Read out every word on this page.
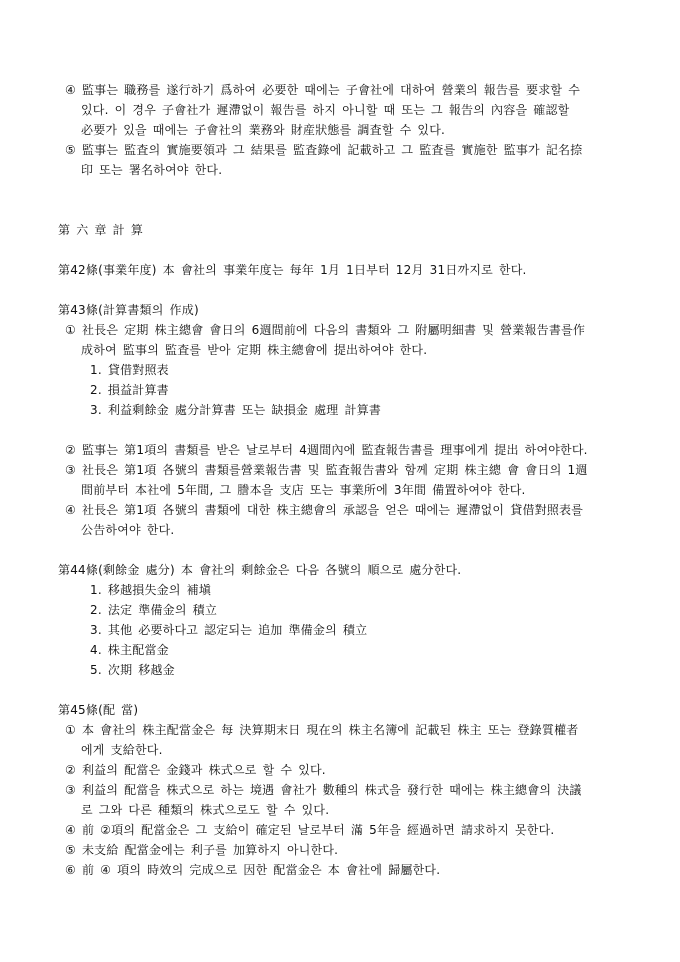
④ 監事는 職務를 遂行하기 爲하여 必要한 때에는 子會社에 대하여 營業의 報告를 要求할 수
있다. 이 경우 子會社가 遲滯없이 報告를 하지 아니할 때 또는 그 報告의 內容을 確認할
必要가 있을 때에는 子會社의 業務와 財産狀態를 調査할 수 있다.
⑤ 監事는 監査의 實施要領과 그 結果를 監査錄에 記載하고 그 監査를 實施한 監事가 記名捺
印 또는 署名하여야 한다.
第 六 章 計 算
第42條(事業年度) 本 會社의 事業年度는 每年 1月 1日부터 12月 31日까지로 한다.
第43條(計算書類의 作成)
① 社長은 定期 株主總會 會日의 6週間前에 다음의 書類와 그 附屬明細書 및 營業報告書를作
成하여 監事의 監査를 받아 定期 株主總會에 提出하여야 한다.
1. 貸借對照表
2. 損益計算書
3. 利益剩餘金 處分計算書 또는 缺損金 處理 計算書
② 監事는 第1項의 書類를 받은 날로부터 4週間內에 監査報告書를 理事에게 提出 하여야한다.
③ 社長은 第1項 各號의 書類를營業報告書 및 監査報告書와 함께 定期 株主總 會 會日의 1週
間前부터 本社에 5年間, 그 謄本을 支店 또는 事業所에 3年間 備置하여야 한다.
④ 社長은 第1項 各號의 書類에 대한 株主總會의 承認을 얻은 때에는 遲滯없이 貸借對照表를
公告하여야 한다.
第44條(剩餘金 處分) 本 會社의 剩餘金은 다음 各號의 順으로 處分한다.
1. 移越損失金의 補塡
2. 法定 準備金의 積立
3. 其他 必要하다고 認定되는 追加 準備金의 積立
4. 株主配當金
5. 次期 移越金
第45條(配 當)
① 本 會社의 株主配當金은 每 決算期末日 現在의 株主名簿에 記載된 株主 또는 登錄質權者
에게 支給한다.
② 利益의 配當은 金錢과 株式으로 할 수 있다.
③ 利益의 配當을 株式으로 하는 境遇 會社가 數種의 株式을 發行한 때에는 株主總會의 決議
로 그와 다른 種類의 株式으로도 할 수 있다.
④ 前 ②項의 配當金은 그 支給이 確定된 날로부터 滿 5年을 經過하면 請求하지 못한다.
⑤ 未支給 配當金에는 利子를 加算하지 아니한다.
⑥ 前 ④ 項의 時效의 完成으로 因한 配當金은 本 會社에 歸屬한다.
